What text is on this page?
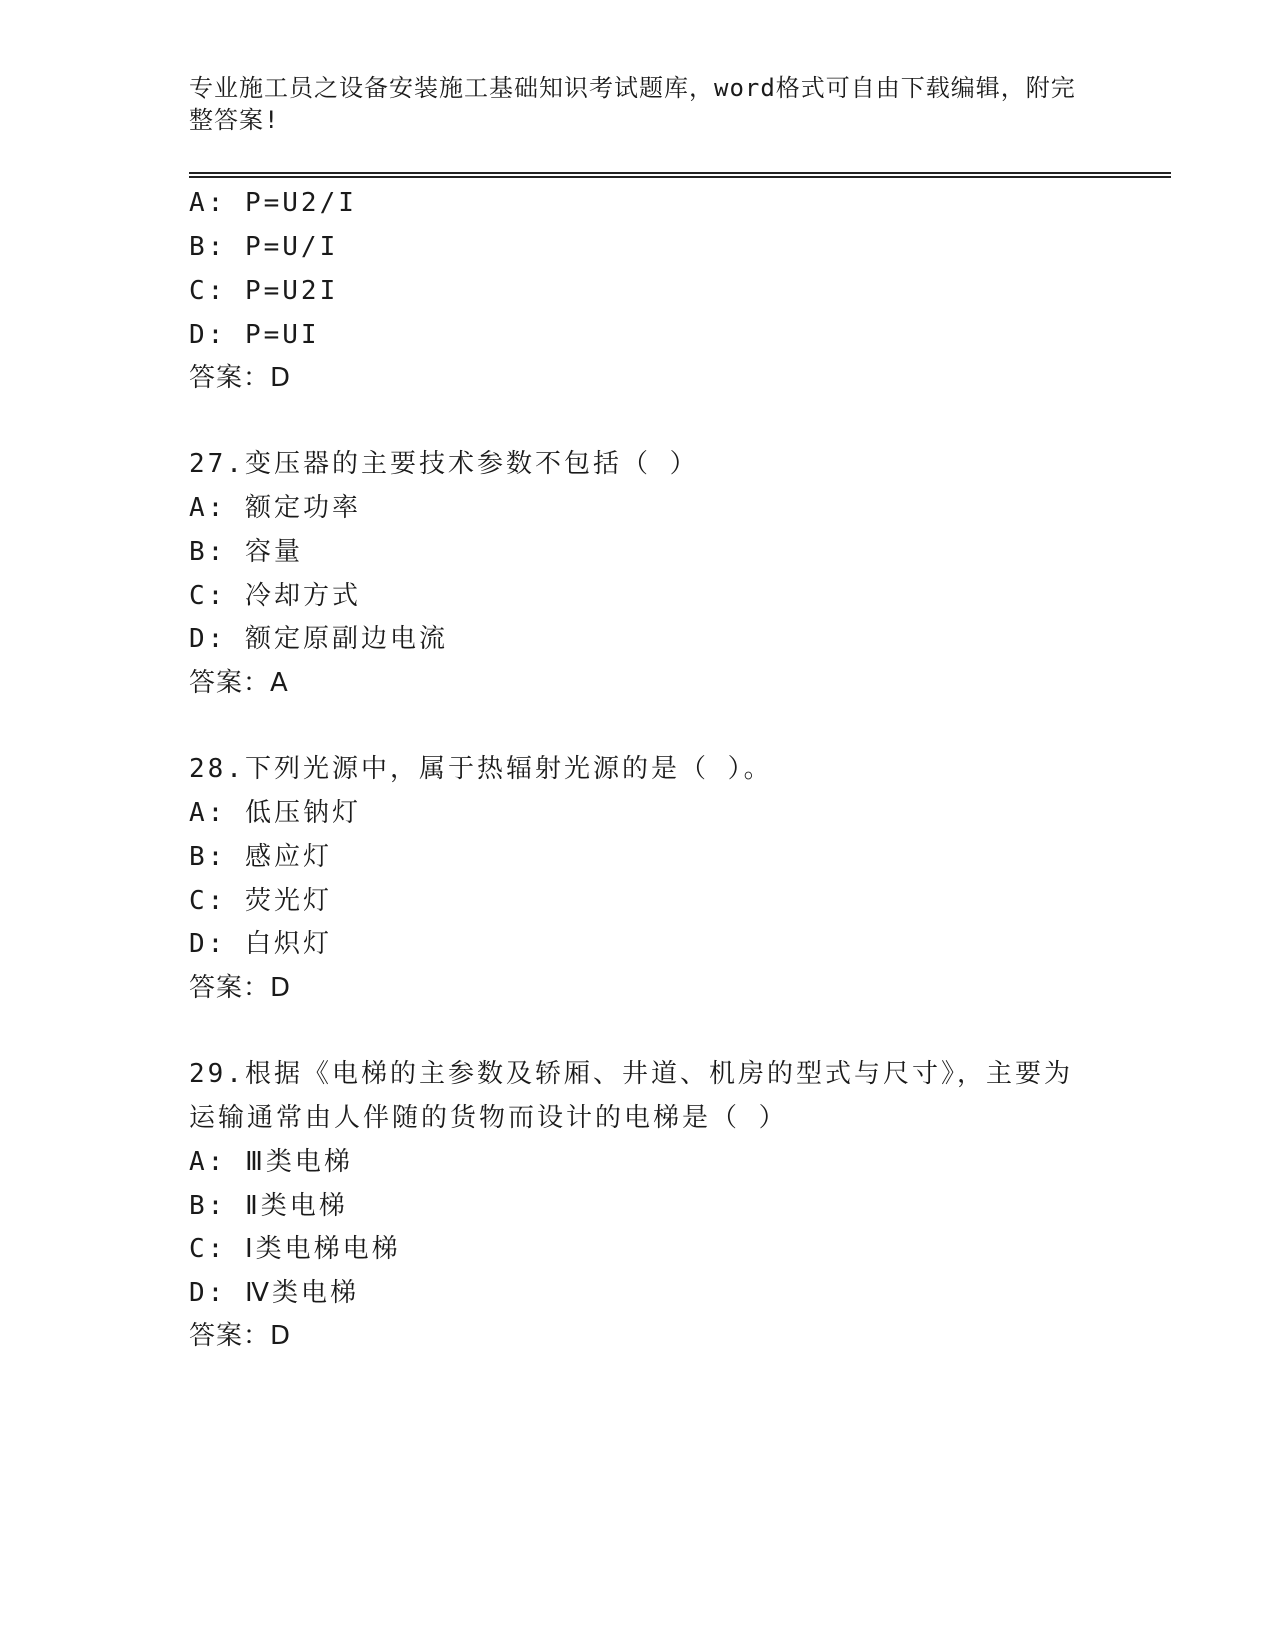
专业施工员之设备安装施工基础知识考试题库，word格式可自由下载编辑，附完整答案!
A: P=U2/I
B: P=U/I
C: P=U2I
D: P=UI
答案：D
27.变压器的主要技术参数不包括（ ）
A: 额定功率
B: 容量
C: 冷却方式
D: 额定原副边电流
答案：A
28.下列光源中，属于热辐射光源的是（ ）。
A: 低压钠灯
B: 感应灯
C: 荧光灯
D: 白炽灯
答案：D
29.根据《电梯的主参数及轿厢、井道、机房的型式与尺寸》，主要为
运输通常由人伴随的货物而设计的电梯是（ ）
A: Ⅲ类电梯
B: Ⅱ类电梯
C: Ⅰ类电梯电梯
D: Ⅳ类电梯
答案：D
